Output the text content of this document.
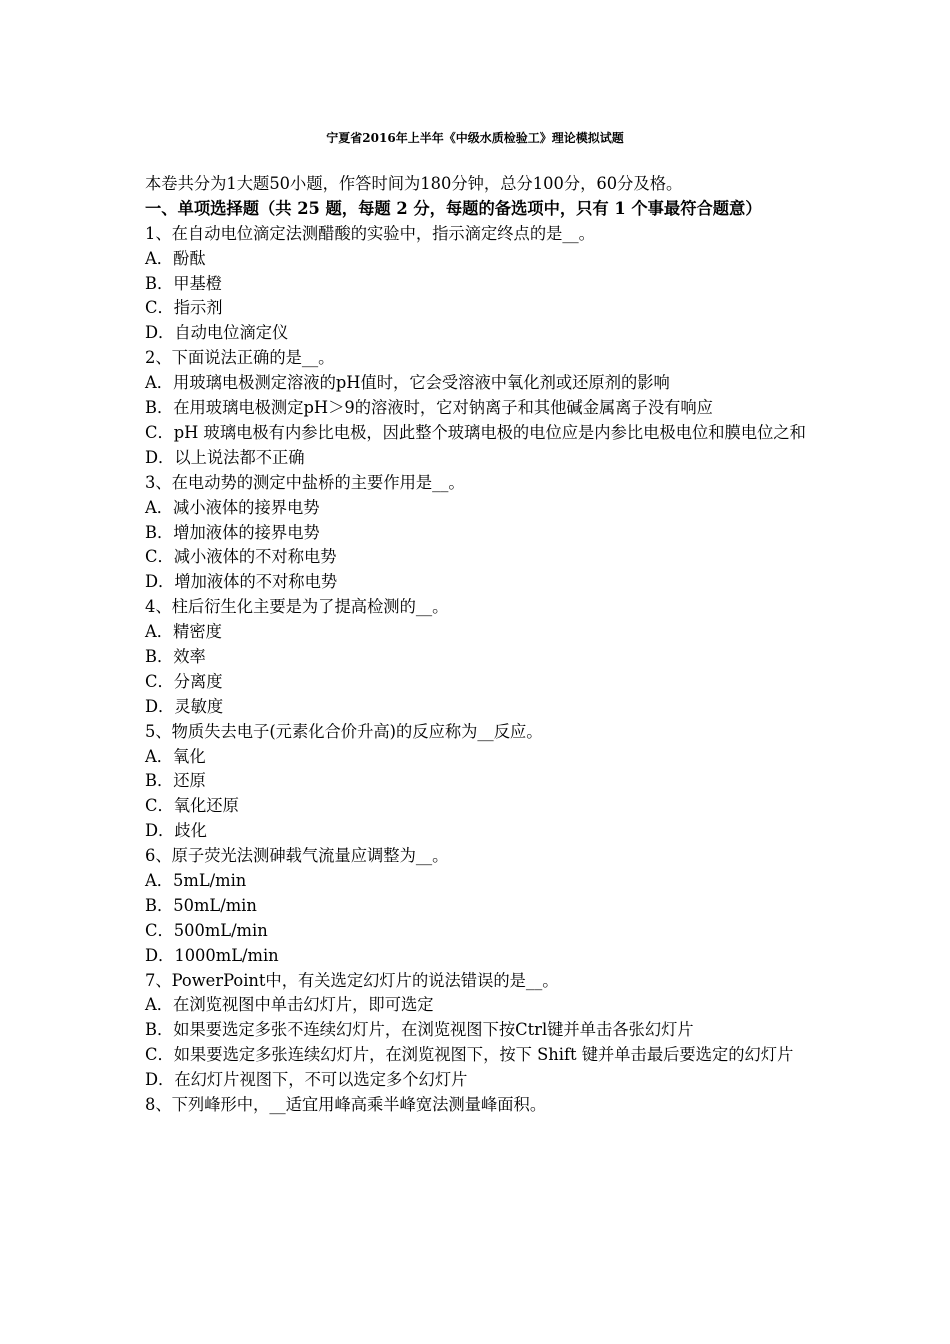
宁夏省2016年上半年《中级水质检验工》理论模拟试题
本卷共分为1大题50小题，作答时间为180分钟，总分100分，60分及格。
一、单项选择题（共 25 题，每题 2 分，每题的备选项中，只有 1 个事最符合题意）
1、在自动电位滴定法测醋酸的实验中，指示滴定终点的是__。
A．酚酞
B．甲基橙
C．指示剂
D．自动电位滴定仪
2、下面说法正确的是__。
A．用玻璃电极测定溶液的pH值时，它会受溶液中氧化剂或还原剂的影响
B．在用玻璃电极测定pH＞9的溶液时，它对钠离子和其他碱金属离子没有响应
C．pH 玻璃电极有内参比电极，因此整个玻璃电极的电位应是内参比电极电位和膜电位之和
D．以上说法都不正确
3、在电动势的测定中盐桥的主要作用是__。
A．减小液体的接界电势
B．增加液体的接界电势
C．减小液体的不对称电势
D．增加液体的不对称电势
4、柱后衍生化主要是为了提高检测的__。
A．精密度
B．效率
C．分离度
D．灵敏度
5、物质失去电子(元素化合价升高)的反应称为__反应。
A．氧化
B．还原
C．氧化还原
D．歧化
6、原子荧光法测砷载气流量应调整为__。
A．5mL/min
B．50mL/min
C．500mL/min
D．1000mL/min
7、PowerPoint中，有关选定幻灯片的说法错误的是__。
A．在浏览视图中单击幻灯片，即可选定
B．如果要选定多张不连续幻灯片，在浏览视图下按Ctrl键并单击各张幻灯片
C．如果要选定多张连续幻灯片，在浏览视图下，按下 Shift 键并单击最后要选定的幻灯片
D．在幻灯片视图下，不可以选定多个幻灯片
8、下列峰形中，__适宜用峰高乘半峰宽法测量峰面积。
